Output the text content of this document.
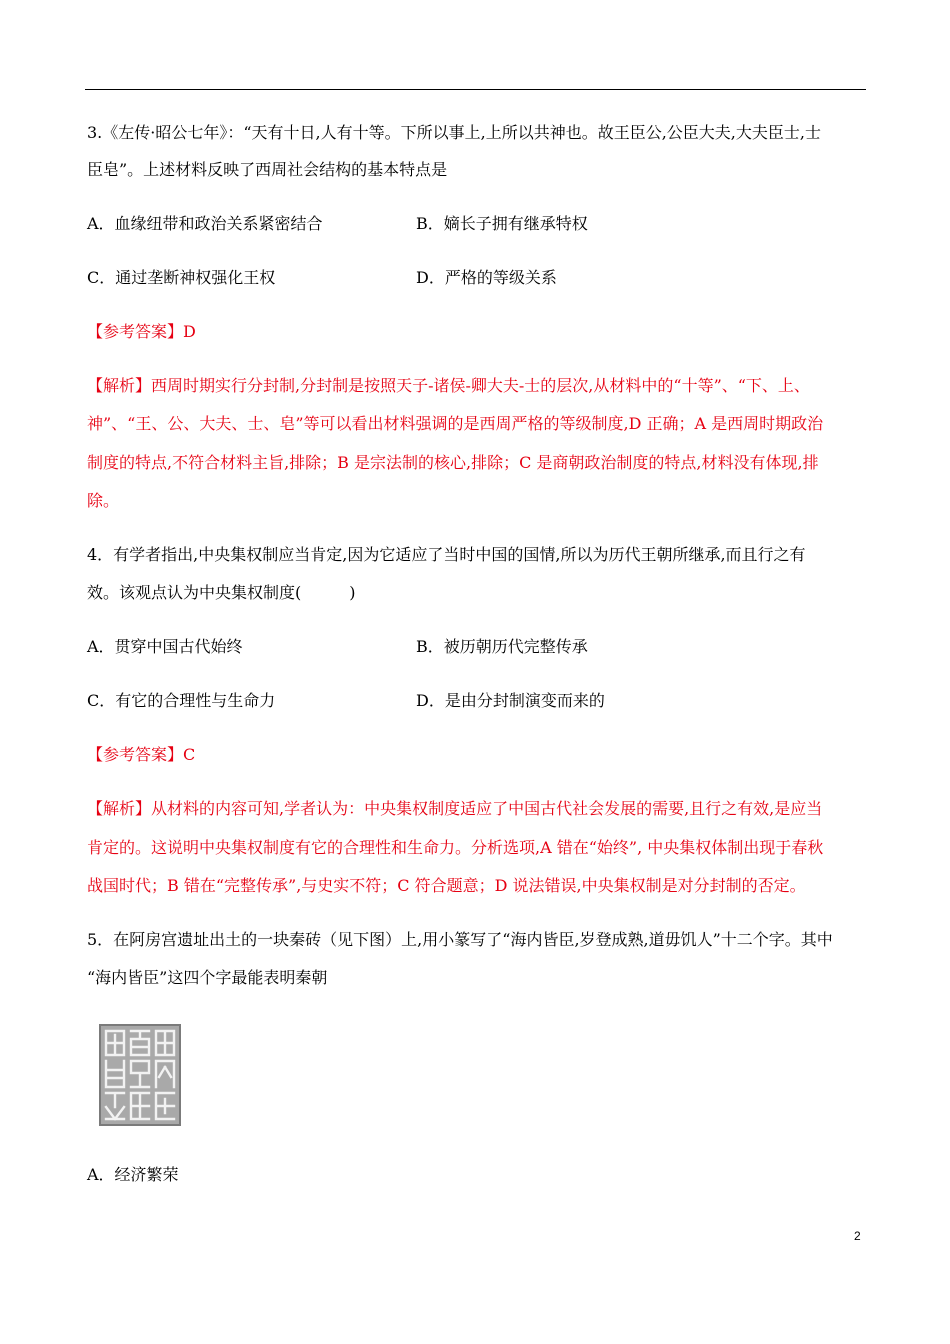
3.《左传·昭公七年》：“天有十日,人有十等。下所以事上,上所以共神也。故王臣公,公臣大夫,大夫臣士,士
臣皂”。上述材料反映了西周社会结构的基本特点是
A．血缘纽带和政治关系紧密结合	B．嫡长子拥有继承特权
C．通过垄断神权强化王权	D．严格的等级关系
【参考答案】D
【解析】西周时期实行分封制,分封制是按照天子-诸侯-卿大夫-士的层次,从材料中的“十等”、“下、上、
神”、“王、公、大夫、士、皂”等可以看出材料强调的是西周严格的等级制度,D 正确；A 是西周时期政治
制度的特点,不符合材料主旨,排除；B 是宗法制的核心,排除；C 是商朝政治制度的特点,材料没有体现,排
除。
4．有学者指出,中央集权制应当肯定,因为它适应了当时中国的国情,所以为历代王朝所继承,而且行之有
效。该观点认为中央集权制度(　　　)
A．贯穿中国古代始终	B．被历朝历代完整传承
C．有它的合理性与生命力	D．是由分封制演变而来的
【参考答案】C
【解析】从材料的内容可知,学者认为：中央集权制度适应了中国古代社会发展的需要,且行之有效,是应当
肯定的。这说明中央集权制度有它的合理性和生命力。分析选项,A 错在“始终”, 中央集权体制出现于春秋
战国时代；B 错在“完整传承”,与史实不符；C 符合题意；D 说法错误,中央集权制是对分封制的否定。
5．在阿房宫遗址出土的一块秦砖（见下图）上,用小篆写了“海内皆臣,岁登成熟,道毋饥人”十二个字。其中
“海内皆臣”这四个字最能表明秦朝
A．经济繁荣
2
